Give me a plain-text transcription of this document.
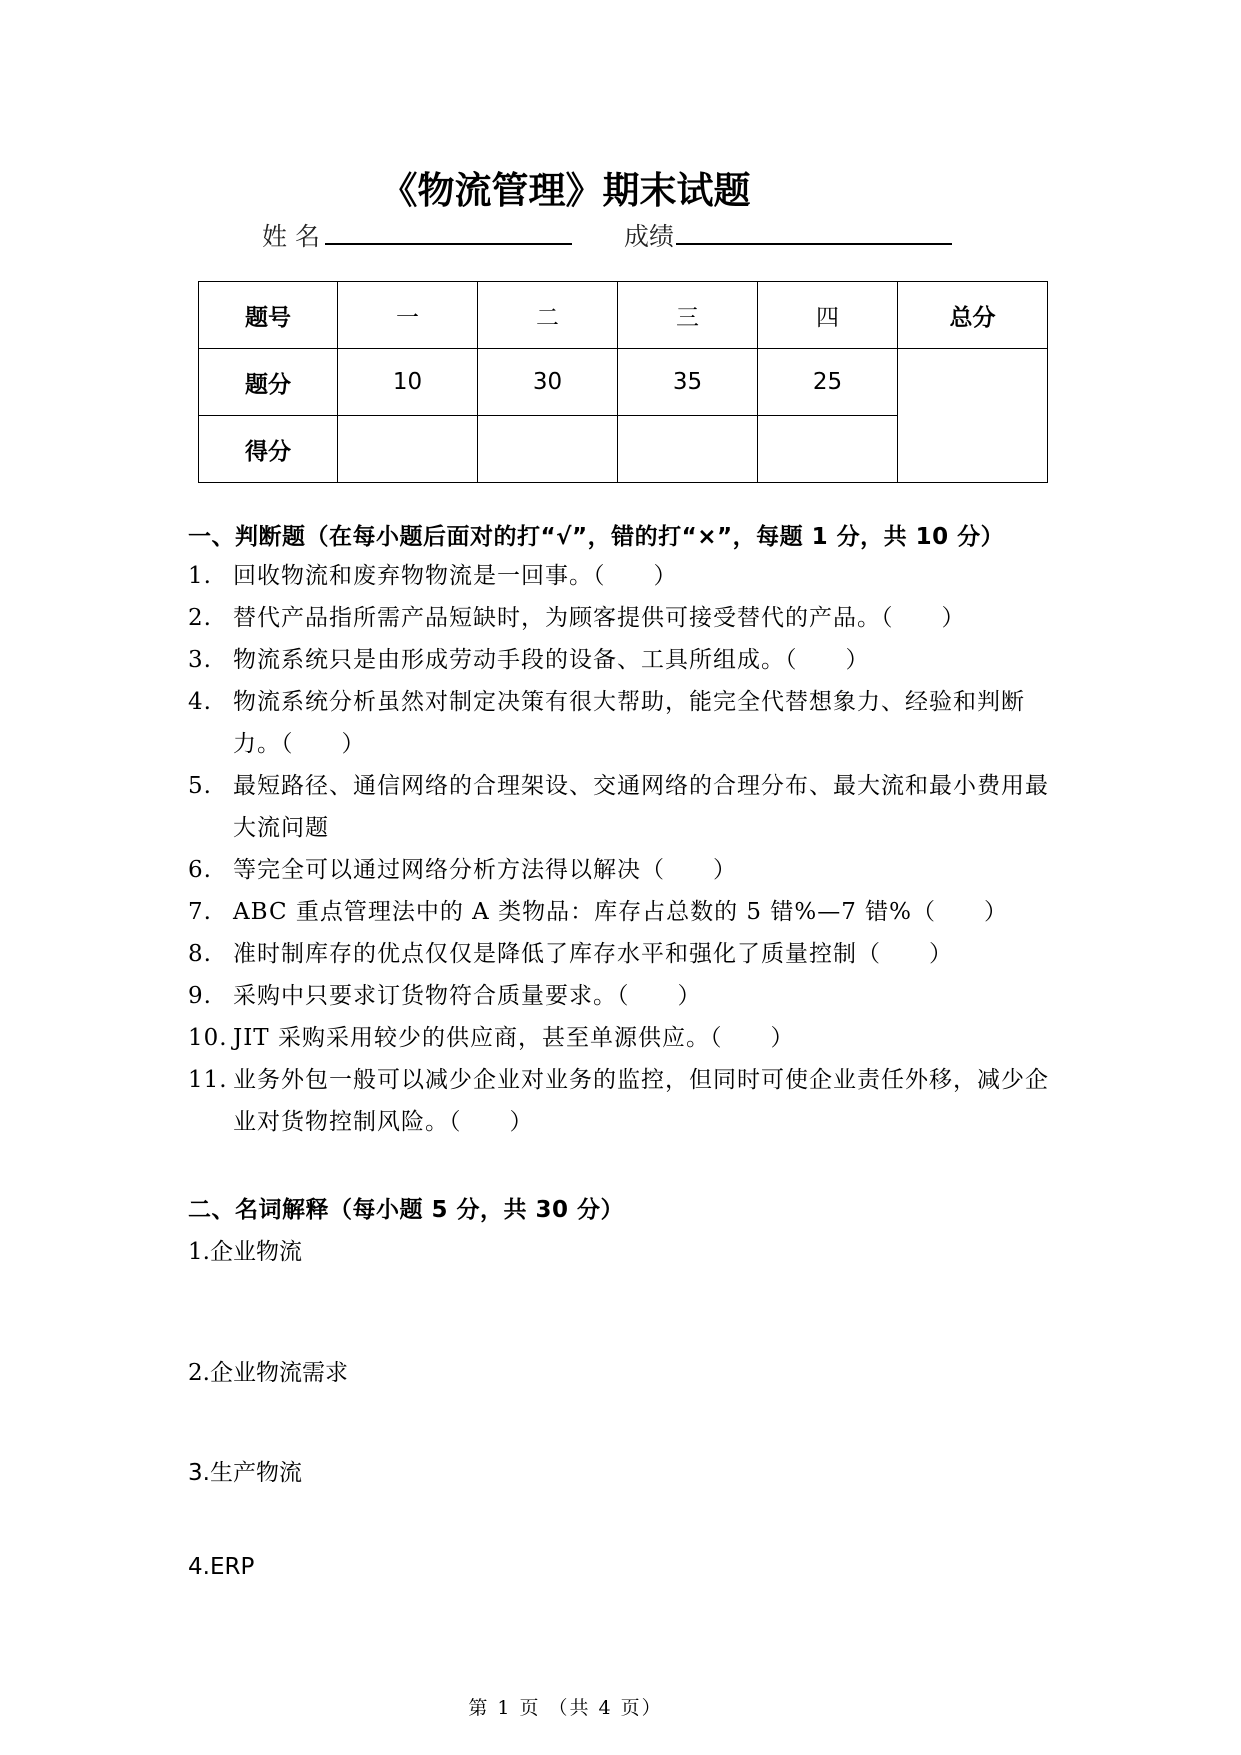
《物流管理》期末试题
姓 名	成绩
题号	一	二	三	四	总分
题分	10	30	35	25	
得分					
一、判断题（在每小题后面对的打“√”，错的打“×”，每题 1 分，共 10 分）
1. 回收物流和废弃物物流是一回事。（　　）
2. 替代产品指所需产品短缺时，为顾客提供可接受替代的产品。（　　）
3. 物流系统只是由形成劳动手段的设备、工具所组成。（　　）
4. 物流系统分析虽然对制定决策有很大帮助，能完全代替想象力、经验和判断力。（　　）
5. 最短路径、通信网络的合理架设、交通网络的合理分布、最大流和最小费用最大流问题
6. 等完全可以通过网络分析方法得以解决（　　）
7. ABC 重点管理法中的 A 类物品：库存占总数的 5 错%—7 错%（　　）
8. 准时制库存的优点仅仅是降低了库存水平和强化了质量控制（　　）
9. 采购中只要求订货物符合质量要求。（　　）
10. JIT 采购采用较少的供应商，甚至单源供应。（　　）
11. 业务外包一般可以减少企业对业务的监控，但同时可使企业责任外移，减少企业对货物控制风险。（　　）
二、名词解释（每小题 5 分，共 30 分）
1.企业物流
2.企业物流需求
3.生产物流
4.ERP
第 1 页 （共 4 页）
